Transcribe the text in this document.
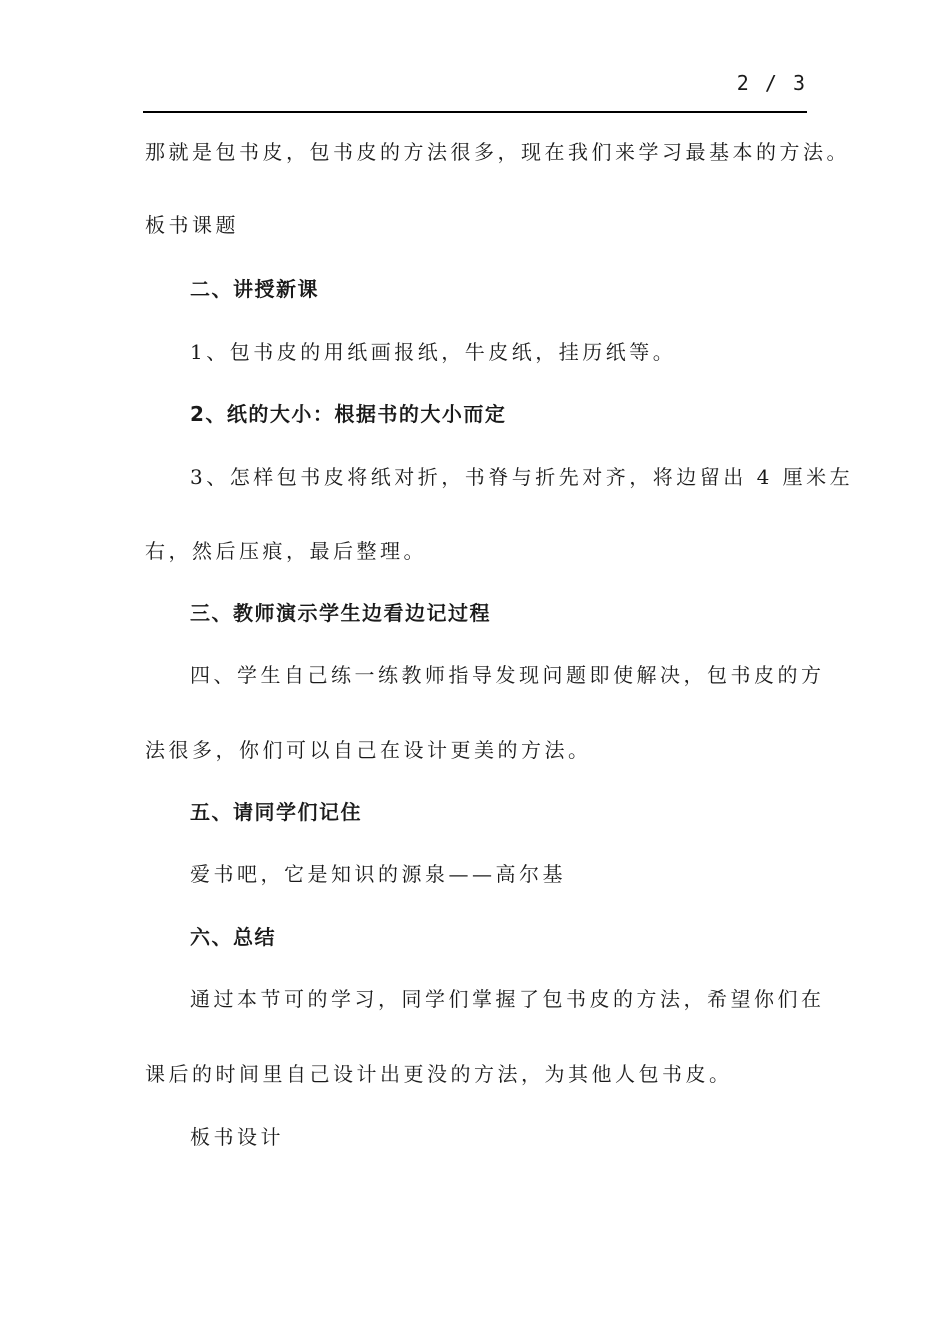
2 / 3
那就是包书皮，包书皮的方法很多，现在我们来学习最基本的方法。
板书课题
二、讲授新课
1、包书皮的用纸画报纸，牛皮纸，挂历纸等。
2、纸的大小：根据书的大小而定
3、怎样包书皮将纸对折，书脊与折先对齐，将边留出 4 厘米左
右，然后压痕，最后整理。
三、教师演示学生边看边记过程
四、学生自己练一练教师指导发现问题即使解决，包书皮的方
法很多，你们可以自己在设计更美的方法。
五、请同学们记住
爱书吧，它是知识的源泉——高尔基
六、总结
通过本节可的学习，同学们掌握了包书皮的方法，希望你们在
课后的时间里自己设计出更没的方法，为其他人包书皮。
板书设计
